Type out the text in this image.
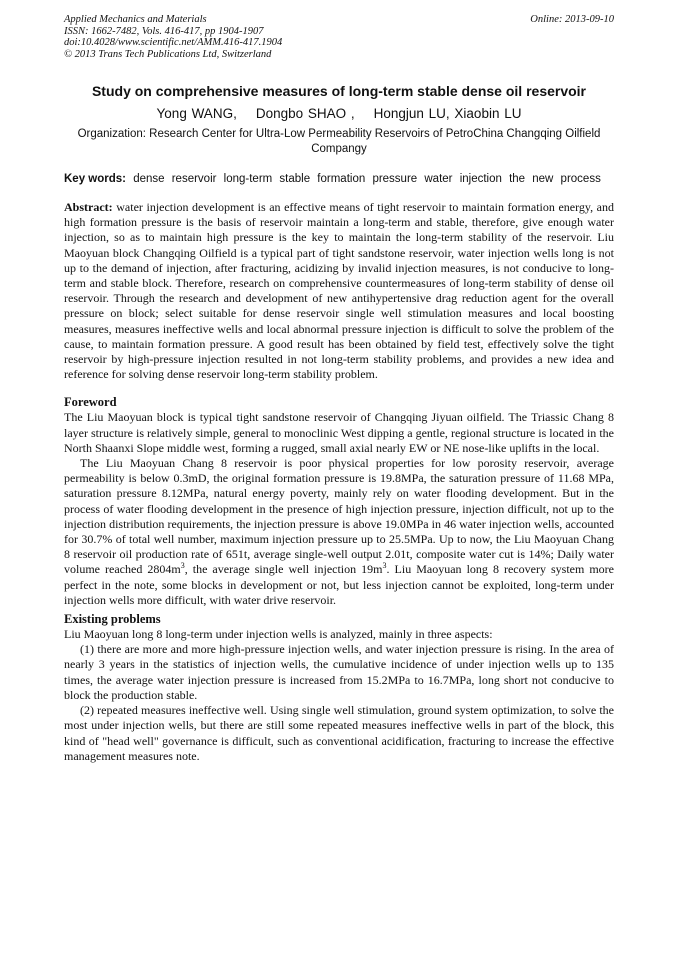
Applied Mechanics and Materials
ISSN: 1662-7482, Vols. 416-417, pp 1904-1907
doi:10.4028/www.scientific.net/AMM.416-417.1904
© 2013 Trans Tech Publications Ltd, Switzerland
Online: 2013-09-10
Study on comprehensive measures of long-term stable dense oil reservoir
Yong WANG,    Dongbo SHAO ,    Hongjun LU, Xiaobin LU
Organization: Research Center for Ultra-Low Permeability Reservoirs of PetroChina Changqing Oilfield Compangy
Key words: dense reservoir long-term stable formation pressure water injection the new process
Abstract: water injection development is an effective means of tight reservoir to maintain formation energy, and high formation pressure is the basis of reservoir maintain a long-term and stable, therefore, give enough water injection, so as to maintain high pressure is the key to maintain the long-term stability of the reservoir. Liu Maoyuan block Changqing Oilfield is a typical part of tight sandstone reservoir, water injection wells long is not up to the demand of injection, after fracturing, acidizing by invalid injection measures, is not conducive to long-term and stable block. Therefore, research on comprehensive countermeasures of long-term stability of dense oil reservoir. Through the research and development of new antihypertensive drag reduction agent for the overall pressure on block; select suitable for dense reservoir single well stimulation measures and local boosting measures, measures ineffective wells and local abnormal pressure injection is difficult to solve the problem of the cause, to maintain formation pressure. A good result has been obtained by field test, effectively solve the tight reservoir by high-pressure injection resulted in not long-term stability problems, and provides a new idea and reference for solving dense reservoir long-term stability problem.
Foreword

The Liu Maoyuan block is typical tight sandstone reservoir of Changqing Jiyuan oilfield. The Triassic Chang 8 layer structure is relatively simple, general to monoclinic West dipping a gentle, regional structure is located in the North Shaanxi Slope middle west, forming a rugged, small axial nearly EW or NE nose-like uplifts in the local.

The Liu Maoyuan Chang 8 reservoir is poor physical properties for low porosity reservoir, average permeability is below 0.3mD, the original formation pressure is 19.8MPa, the saturation pressure of 11.68 MPa, saturation pressure 8.12MPa, natural energy poverty, mainly rely on water flooding development. But in the process of water flooding development in the presence of high injection pressure, injection difficult, not up to the injection distribution requirements, the injection pressure is above 19.0MPa in 46 water injection wells, accounted for 30.7% of total well number, maximum injection pressure up to 25.5MPa. Up to now, the Liu Maoyuan Chang 8 reservoir oil production rate of 651t, average single-well output 2.01t, composite water cut is 14%; Daily water volume reached $2804m^3$, the average single well injection $19m^3$. Liu Maoyuan long 8 recovery system more perfect in the note, some blocks in development or not, but less injection cannot be exploited, long-term under injection wells more difficult, with water drive reservoir.

Existing problems

Liu Maoyuan long 8 long-term under injection wells is analyzed, mainly in three aspects:

(1) there are more and more high-pressure injection wells, and water injection pressure is rising. In the area of nearly 3 years in the statistics of injection wells, the cumulative incidence of under injection wells up to 135 times, the average water injection pressure is increased from 15.2MPa to 16.7MPa, long short not conducive to block the production stable.

(2) repeated measures ineffective well. Using single well stimulation, ground system optimization, to solve the most under injection wells, but there are still some repeated measures ineffective wells in part of the block, this kind of "head well" governance is difficult, such as conventional acidification, fracturing to increase the effective management measures note.
